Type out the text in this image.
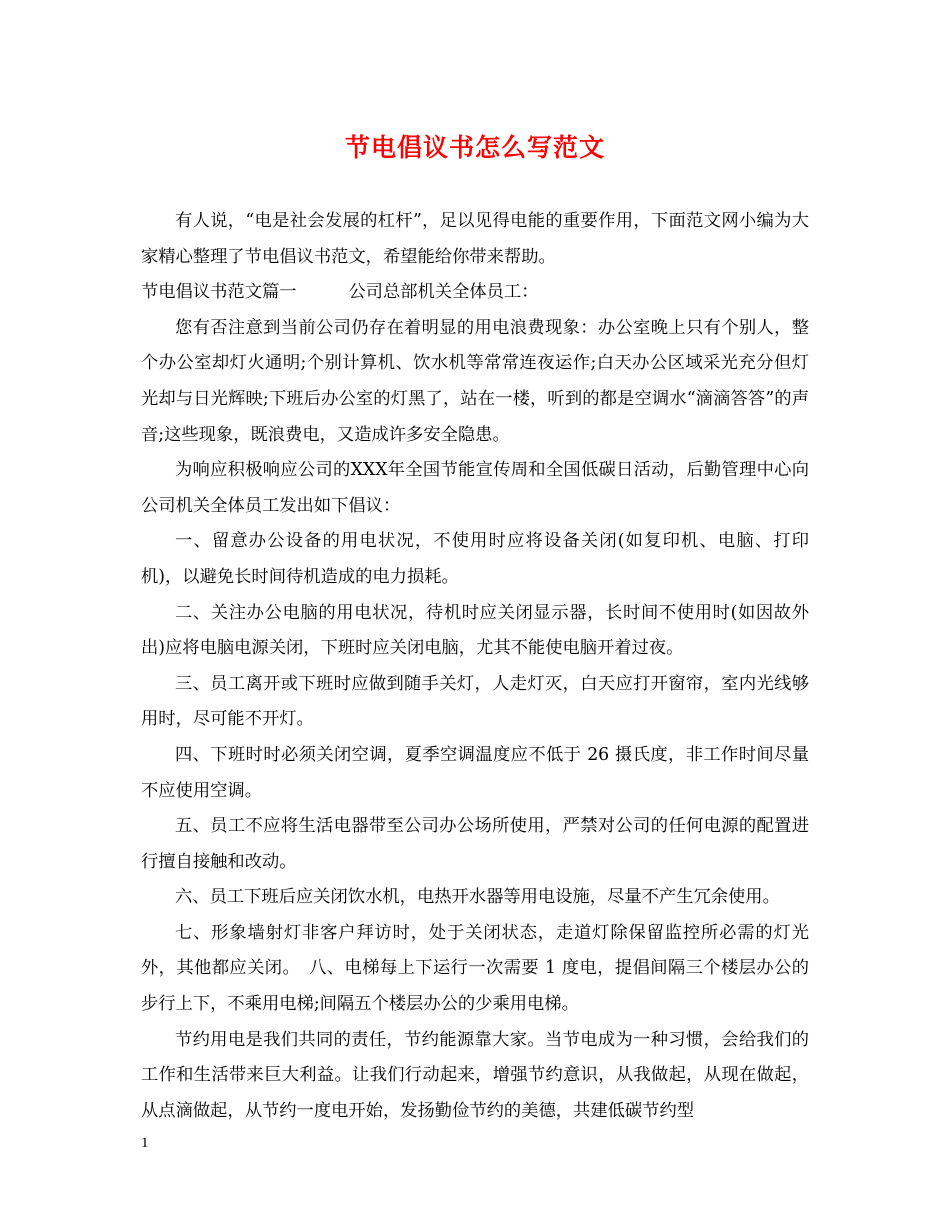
节电倡议书怎么写范文

有人说，“电是社会发展的杠杆”，足以见得电能的重要作用，下面范文网小编为大家精心整理了节电倡议书范文，希望能给你带来帮助。

节电倡议书范文篇一　　　公司总部机关全体员工：

您有否注意到当前公司仍存在着明显的用电浪费现象：办公室晚上只有个别人，整个办公室却灯火通明;个别计算机、饮水机等常常连夜运作;白天办公区域采光充分但灯光却与日光辉映;下班后办公室的灯黑了，站在一楼，听到的都是空调水“滴滴答答”的声音;这些现象，既浪费电，又造成许多安全隐患。

为响应积极响应公司的XXX年全国节能宣传周和全国低碳日活动，后勤管理中心向公司机关全体员工发出如下倡议：

一、留意办公设备的用电状况，不使用时应将设备关闭(如复印机、电脑、打印机)，以避免长时间待机造成的电力损耗。

二、关注办公电脑的用电状况，待机时应关闭显示器，长时间不使用时(如因故外出)应将电脑电源关闭，下班时应关闭电脑，尤其不能使电脑开着过夜。

三、员工离开或下班时应做到随手关灯，人走灯灭，白天应打开窗帘，室内光线够用时，尽可能不开灯。

四、下班时时必须关闭空调，夏季空调温度应不低于 26 摄氏度，非工作时间尽量不应使用空调。

五、员工不应将生活电器带至公司办公场所使用，严禁对公司的任何电源的配置进行擅自接触和改动。

六、员工下班后应关闭饮水机，电热开水器等用电设施，尽量不产生冗余使用。

七、形象墙射灯非客户拜访时，处于关闭状态，走道灯除保留监控所必需的灯光外，其他都应关闭。　八、电梯每上下运行一次需要 1 度电，提倡间隔三个楼层办公的步行上下，不乘用电梯;间隔五个楼层办公的少乘用电梯。

节约用电是我们共同的责任，节约能源靠大家。当节电成为一种习惯，会给我们的工作和生活带来巨大利益。让我们行动起来，增强节约意识，从我做起，从现在做起，从点滴做起，从节约一度电开始，发扬勤俭节约的美德，共建低碳节约型

1
